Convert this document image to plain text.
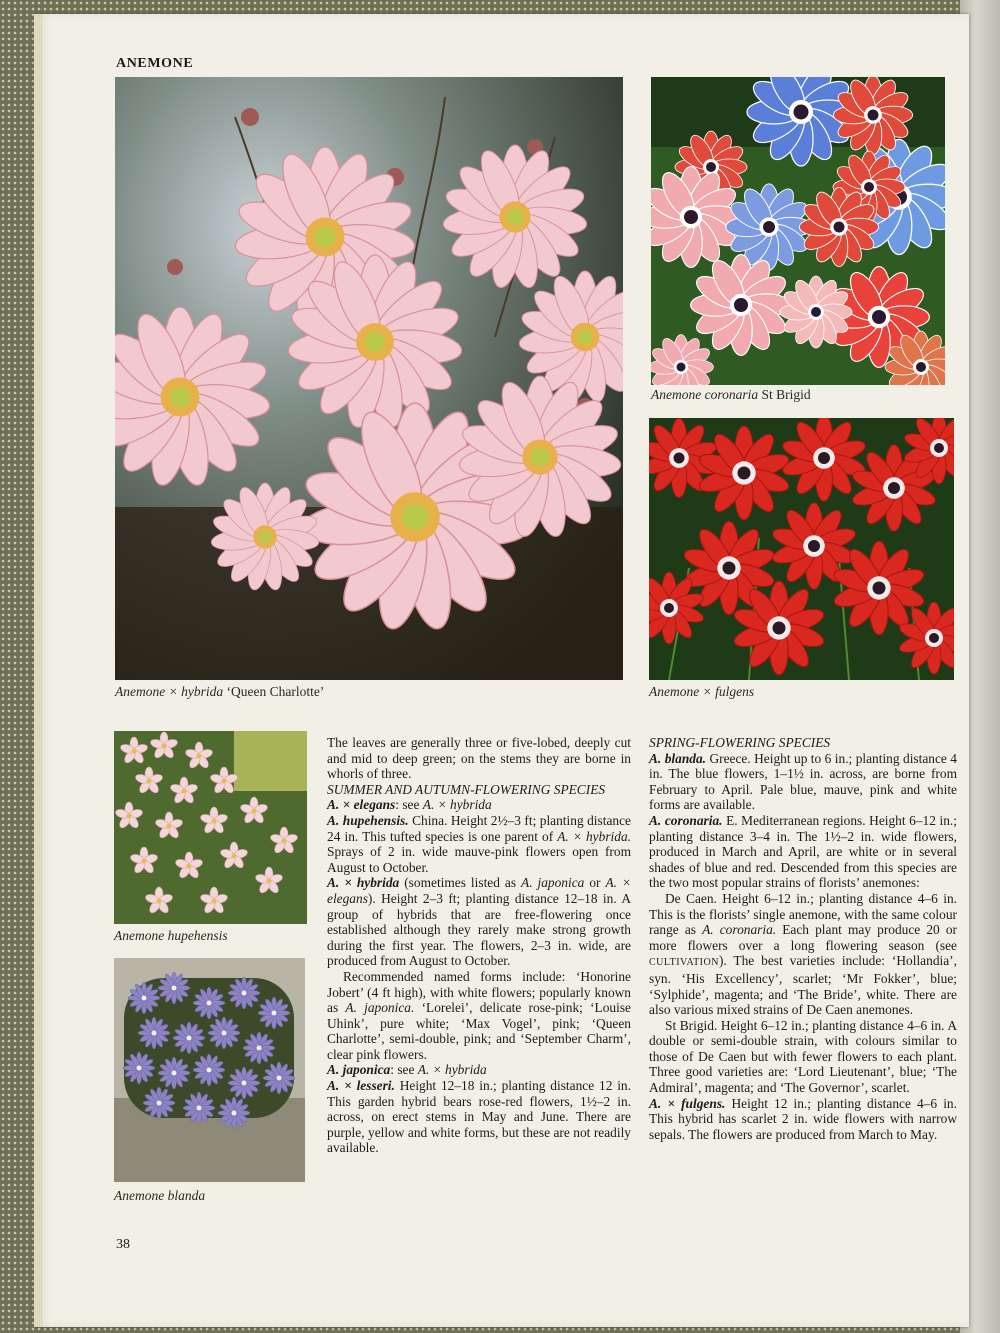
ANEMONE
Anemone × hybrida ‘Queen Charlotte’
Anemone coronaria St Brigid
Anemone × fulgens
Anemone hupehensis
Anemone blanda

The leaves are generally three or five-lobed, deeply cut and mid to deep green; on the stems they are borne in whorls of three.

SUMMER AND AUTUMN-FLOWERING SPECIES

A. × elegans: see A. × hybrida

A. hupehensis. China. Height 2½–3 ft; planting distance 24 in. This tufted species is one parent of A. × hybrida. Sprays of 2 in. wide mauve-pink flowers open from August to October.

A. × hybrida (sometimes listed as A. japonica or A. × elegans). Height 2–3 ft; planting distance 12–18 in. A group of hybrids that are free-flowering once established although they rarely make strong growth during the first year. The flowers, 2–3 in. wide, are produced from August to October.

Recommended named forms include: ‘Honorine Jobert’ (4 ft high), with white flowers; popularly known as A. japonica. ‘Lorelei’, delicate rose-pink; ‘Louise Uhink’, pure white; ‘Max Vogel’, pink; ‘Queen Charlotte’, semi-double, pink; and ‘September Charm’, clear pink flowers.

A. japonica: see A. × hybrida

A. × lesseri. Height 12–18 in.; planting distance 12 in. This garden hybrid bears rose-red flowers, 1½–2 in. across, on erect stems in May and June. There are purple, yellow and white forms, but these are not readily available.

SPRING-FLOWERING SPECIES

A. blanda. Greece. Height up to 6 in.; planting distance 4 in. The blue flowers, 1–1½ in. across, are borne from February to April. Pale blue, mauve, pink and white forms are available.

A. coronaria. E. Mediterranean regions. Height 6–12 in.; planting distance 3–4 in. The 1½–2 in. wide flowers, produced in March and April, are white or in several shades of blue and red. Descended from this species are the two most popular strains of florists’ anemones:

De Caen. Height 6–12 in.; planting distance 4–6 in. This is the florists’ single anemone, with the same colour range as A. coronaria. Each plant may produce 20 or more flowers over a long flowering season (see CULTIVATION). The best varieties include: ‘Hollandia’, syn. ‘His Excellency’, scarlet; ‘Mr Fokker’, blue; ‘Sylphide’, magenta; and ‘The Bride’, white. There are also various mixed strains of De Caen anemones.

St Brigid. Height 6–12 in.; planting distance 4–6 in. A double or semi-double strain, with colours similar to those of De Caen but with fewer flowers to each plant. Three good varieties are: ‘Lord Lieutenant’, blue; ‘The Admiral’, magenta; and ‘The Governor’, scarlet.

A. × fulgens. Height 12 in.; planting distance 4–6 in. This hybrid has scarlet 2 in. wide flowers with narrow sepals. The flowers are produced from March to May.

38
